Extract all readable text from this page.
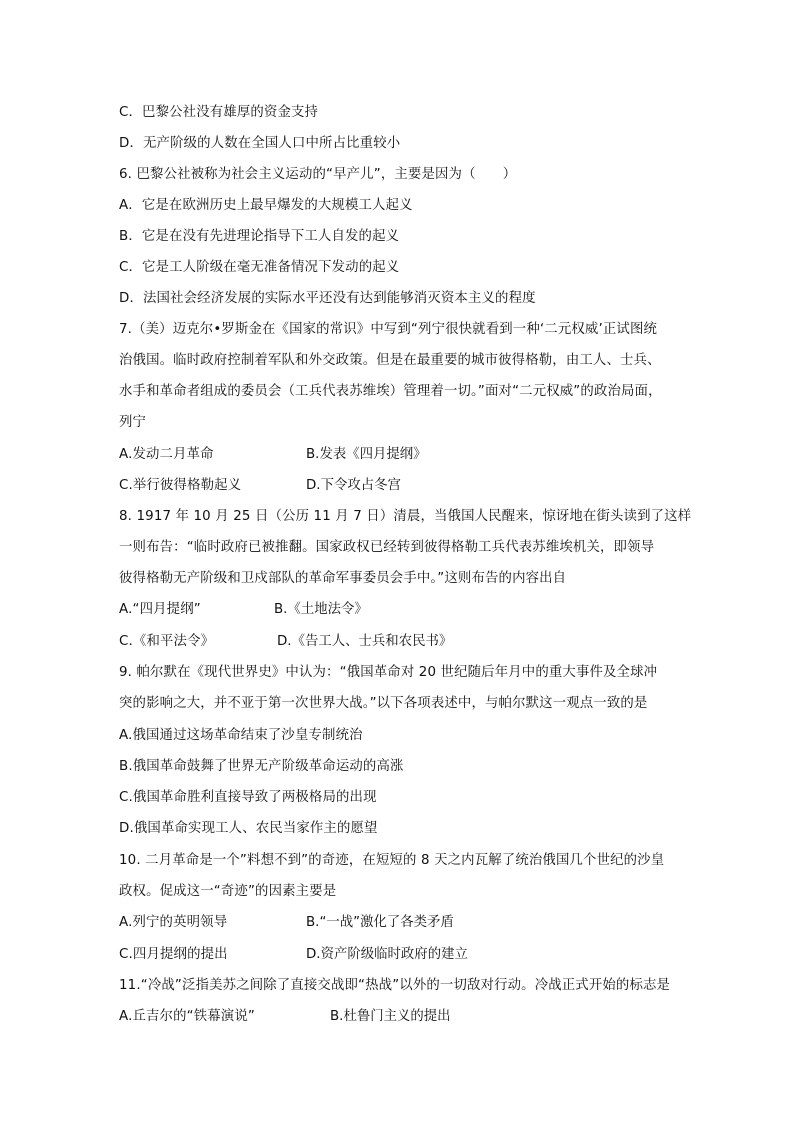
C．巴黎公社没有雄厚的资金支持
D．无产阶级的人数在全国人口中所占比重较小
6. 巴黎公社被称为社会主义运动的“早产儿”，主要是因为（　　）
A．它是在欧洲历史上最早爆发的大规模工人起义
B．它是在没有先进理论指导下工人自发的起义
C．它是工人阶级在毫无准备情况下发动的起义
D．法国社会经济发展的实际水平还没有达到能够消灭资本主义的程度
7.（美）迈克尔•罗斯金在《国家的常识》中写到“列宁很快就看到一种‘二元权威’正试图统
治俄国。临时政府控制着军队和外交政策。但是在最重要的城市彼得格勒，由工人、士兵、
水手和革命者组成的委员会（工兵代表苏维埃）管理着一切。”面对“二元权威”的政治局面，
列宁
A.发动二月革命	B.发表《四月提纲》
C.举行彼得格勒起义	D.下令攻占冬宫
8. 1917 年 10 月 25 日（公历 11 月 7 日）清晨，当俄国人民醒来，惊讶地在街头读到了这样
一则布告：“临时政府已被推翻。国家政权已经转到彼得格勒工兵代表苏维埃机关，即领导
彼得格勒无产阶级和卫戍部队的革命军事委员会手中。”这则布告的内容出自
A.“四月提纲”	B.《土地法令》
C.《和平法令》	D.《告工人、士兵和农民书》
9. 帕尔默在《现代世界史》中认为：“俄国革命对 20 世纪随后年月中的重大事件及全球冲
突的影响之大，并不亚于第一次世界大战。”以下各项表述中，与帕尔默这一观点一致的是
A.俄国通过这场革命结束了沙皇专制统治
B.俄国革命鼓舞了世界无产阶级革命运动的高涨
C.俄国革命胜利直接导致了两极格局的出现
D.俄国革命实现工人、农民当家作主的愿望
10. 二月革命是一个”料想不到”的奇迹，在短短的 8 天之内瓦解了统治俄国几个世纪的沙皇
政权。促成这一“奇迹”的因素主要是
A.列宁的英明领导	B.“一战”激化了各类矛盾
C.四月提纲的提出	D.资产阶级临时政府的建立
11.“冷战”泛指美苏之间除了直接交战即“热战”以外的一切敌对行动。冷战正式开始的标志是
A.丘吉尔的“铁幕演说”	B.杜鲁门主义的提出
